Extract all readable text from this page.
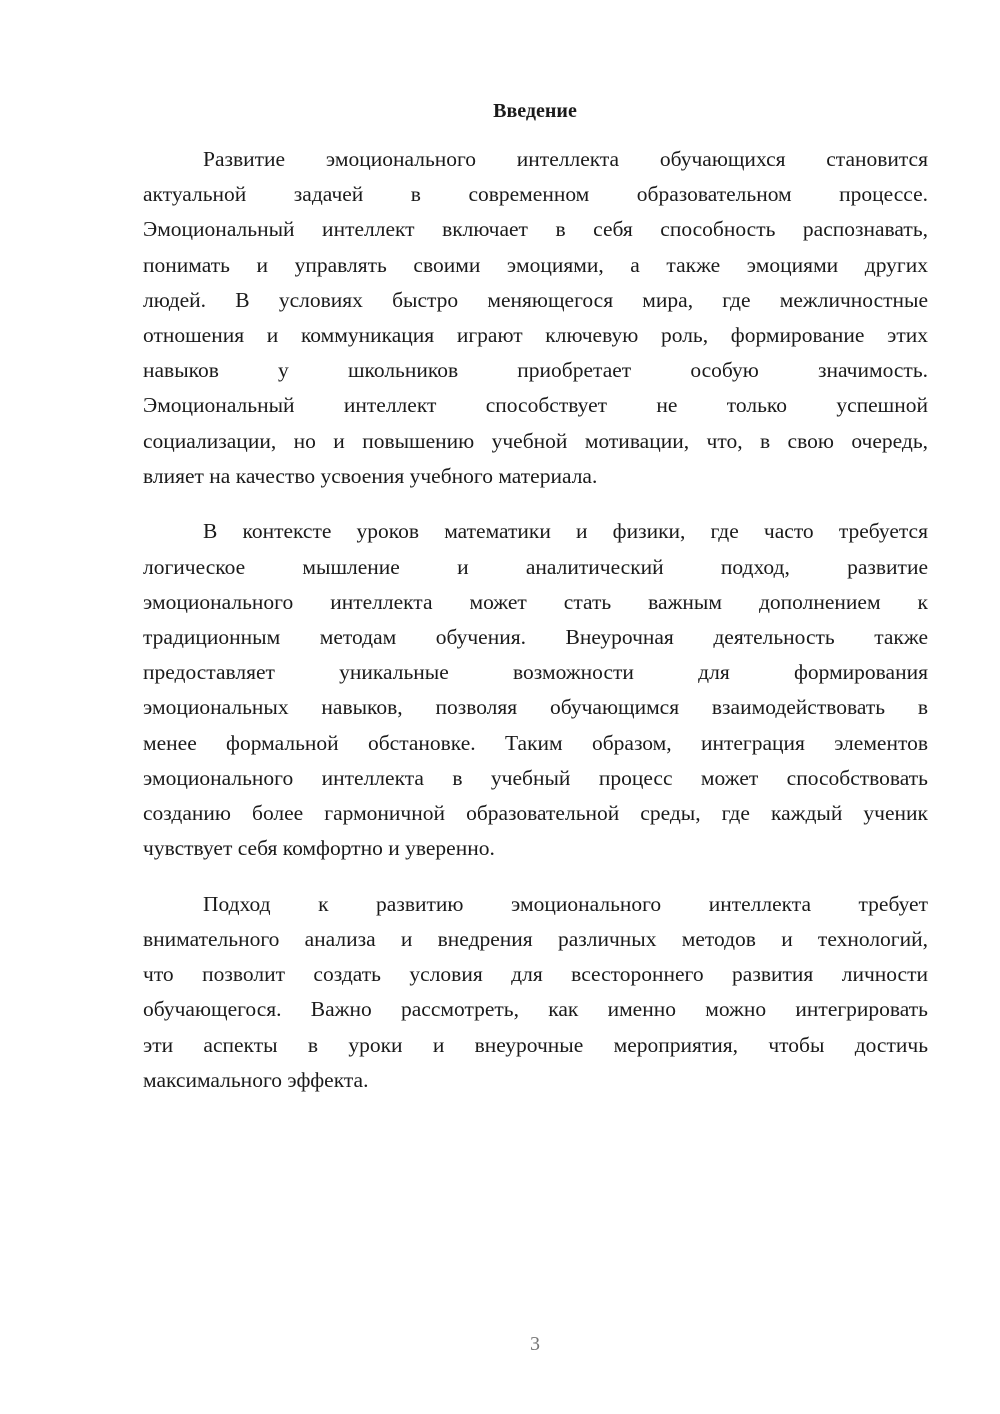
Введение
Развитие эмоционального интеллекта обучающихся становится
актуальной задачей в современном образовательном процессе.
Эмоциональный интеллект включает в себя способность распознавать,
понимать и управлять своими эмоциями, а также эмоциями других
людей. В условиях быстро меняющегося мира, где межличностные
отношения и коммуникация играют ключевую роль, формирование этих
навыков у школьников приобретает особую значимость.
Эмоциональный интеллект способствует не только успешной
социализации, но и повышению учебной мотивации, что, в свою очередь,
влияет на качество усвоения учебного материала.
В контексте уроков математики и физики, где часто требуется
логическое мышление и аналитический подход, развитие
эмоционального интеллекта может стать важным дополнением к
традиционным методам обучения. Внеурочная деятельность также
предоставляет уникальные возможности для формирования
эмоциональных навыков, позволяя обучающимся взаимодействовать в
менее формальной обстановке. Таким образом, интеграция элементов
эмоционального интеллекта в учебный процесс может способствовать
созданию более гармоничной образовательной среды, где каждый ученик
чувствует себя комфортно и уверенно.
Подход к развитию эмоционального интеллекта требует
внимательного анализа и внедрения различных методов и технологий,
что позволит создать условия для всестороннего развития личности
обучающегося. Важно рассмотреть, как именно можно интегрировать
эти аспекты в уроки и внеурочные мероприятия, чтобы достичь
максимального эффекта.
3
